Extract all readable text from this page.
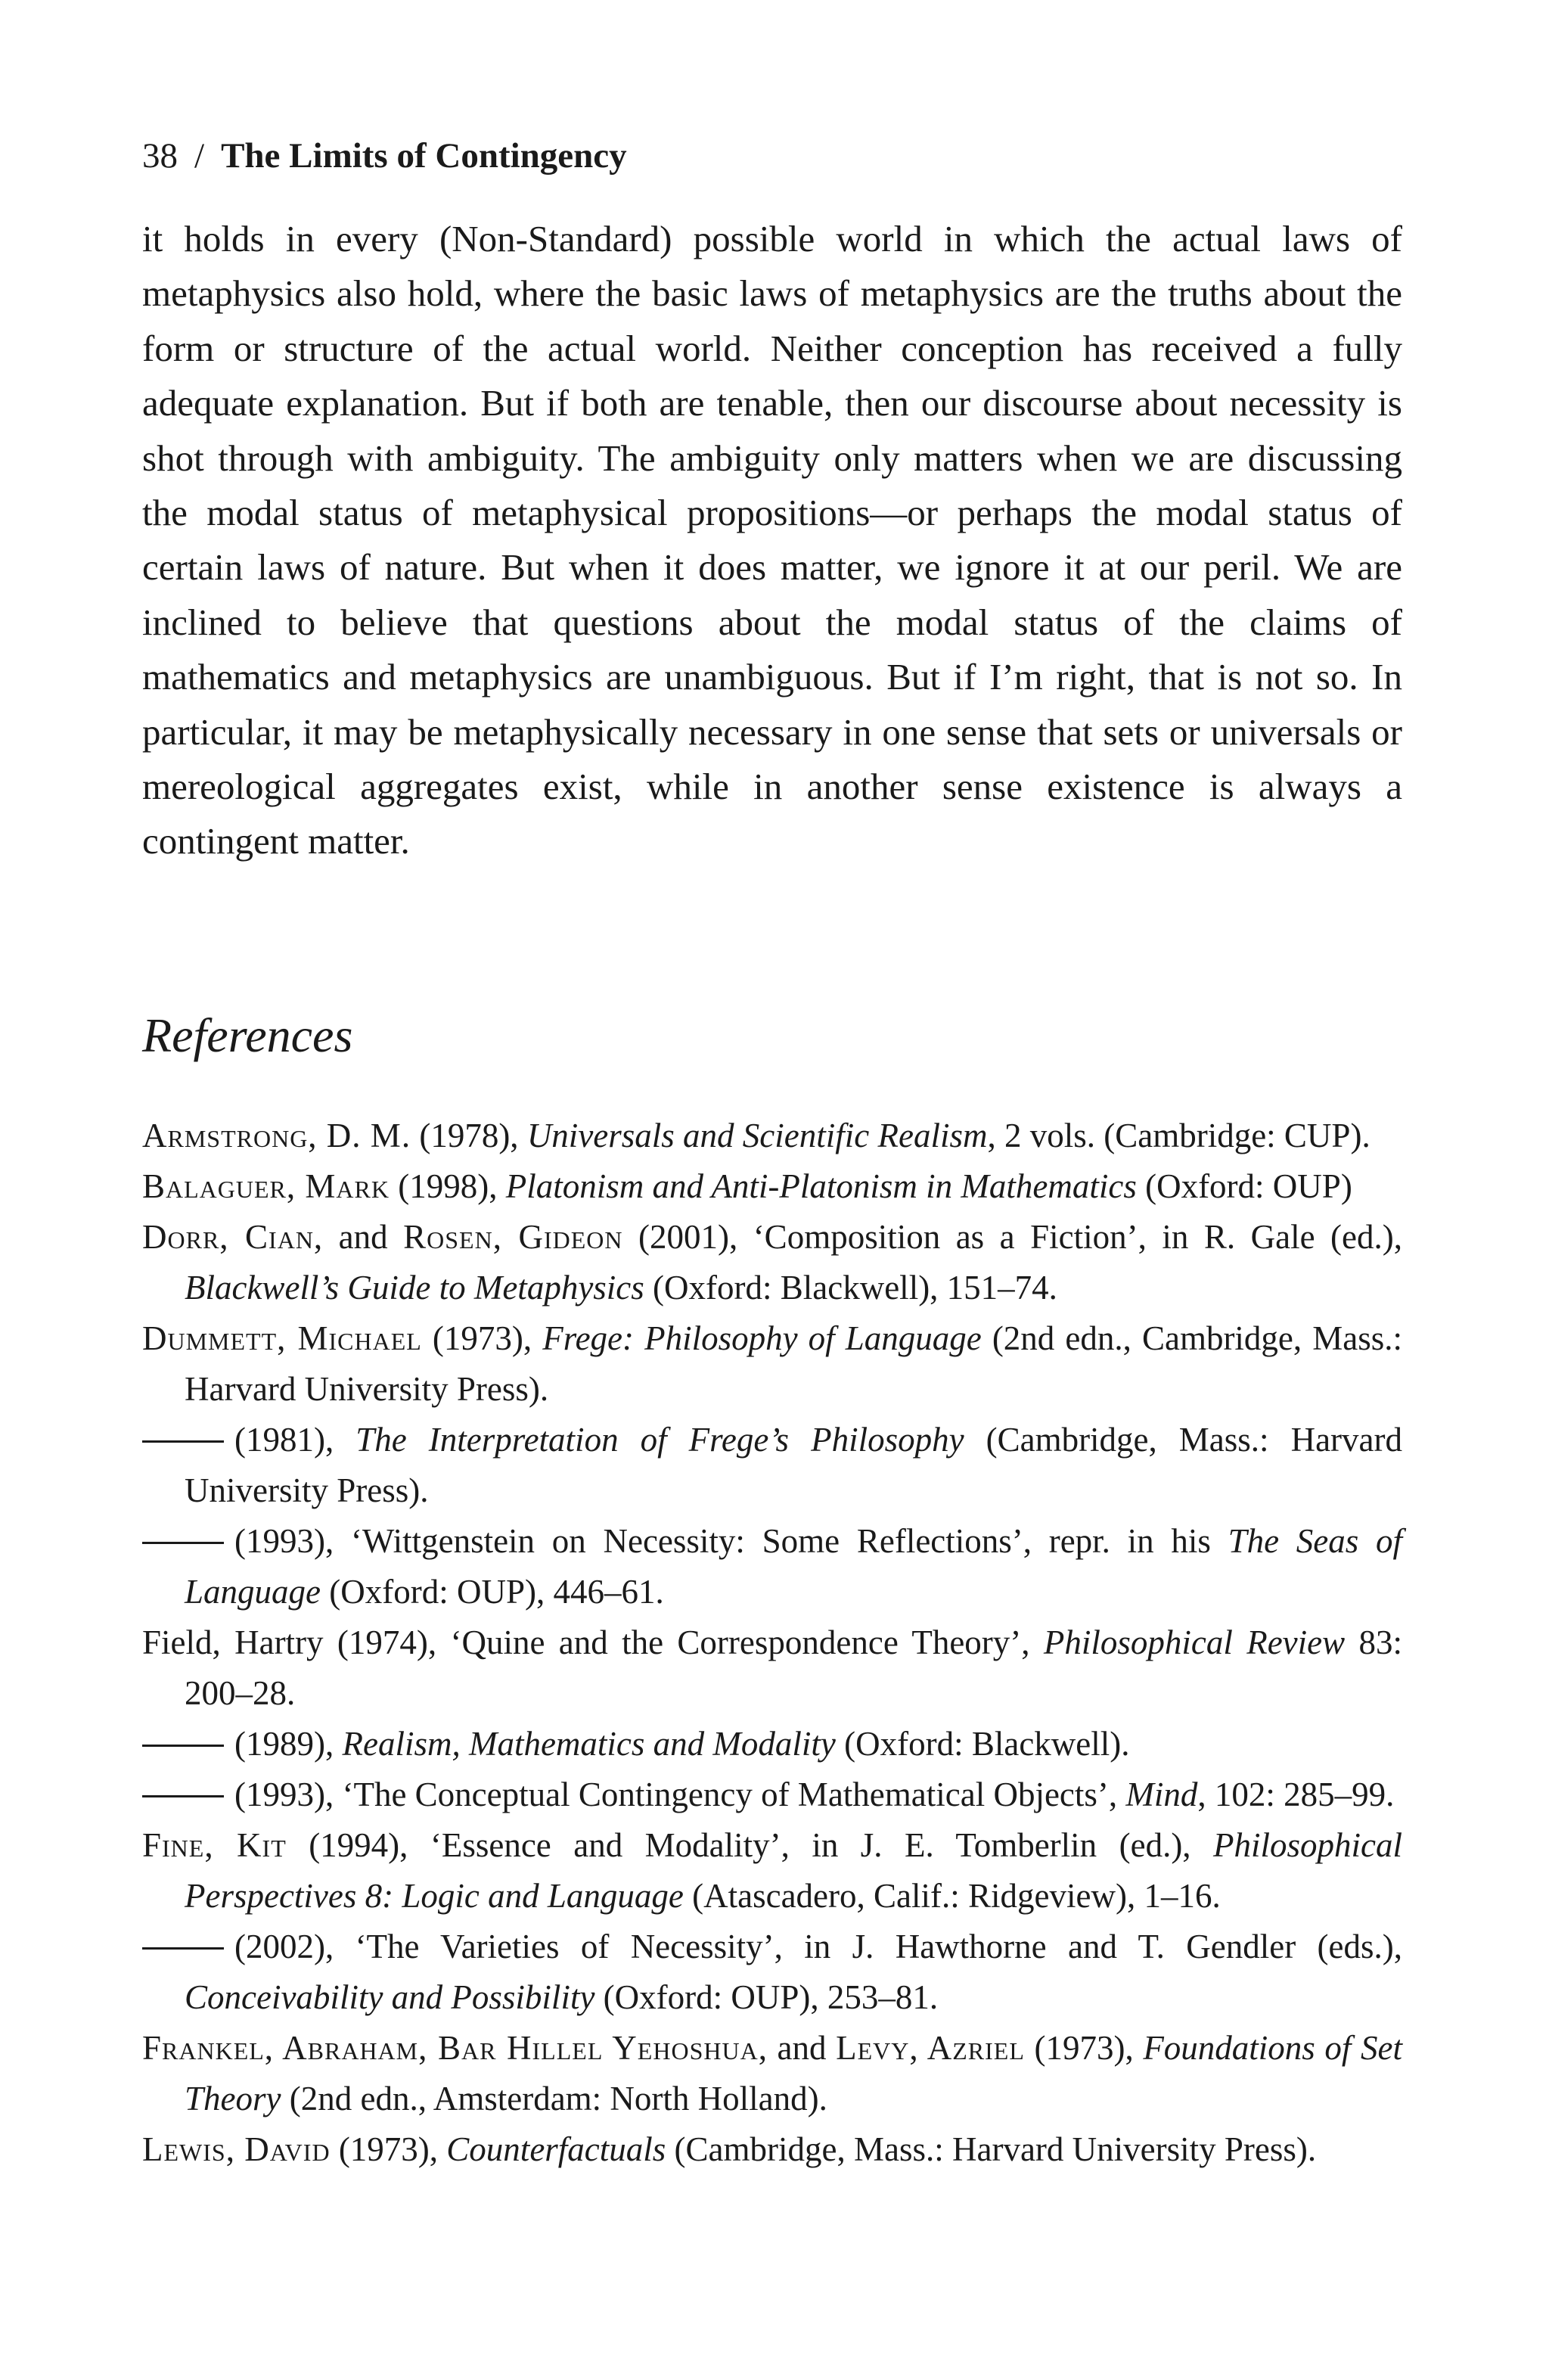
38 / The Limits of Contingency

it holds in every (Non-Standard) possible world in which the actual laws of metaphysics also hold, where the basic laws of metaphysics are the truths about the form or structure of the actual world. Neither conception has received a fully adequate explanation. But if both are tenable, then our discourse about necessity is shot through with ambiguity. The ambiguity only matters when we are discussing the modal status of metaphysical propositions—or perhaps the modal status of certain laws of nature. But when it does matter, we ignore it at our peril. We are inclined to believe that questions about the modal status of the claims of mathematics and metaphysics are unambiguous. But if I’m right, that is not so. In particular, it may be metaphysically necessary in one sense that sets or universals or mereological aggregates exist, while in another sense existence is always a contingent matter.

References
Armstrong, D. M. (1978), Universals and Scientific Realism, 2 vols. (Cambridge: CUP).
Balaguer, Mark (1998), Platonism and Anti-Platonism in Mathematics (Oxford: OUP)
Dorr, Cian, and Rosen, Gideon (2001), ‘Composition as a Fiction’, in R. Gale (ed.), Blackwell’s Guide to Metaphysics (Oxford: Blackwell), 151–74.
Dummett, Michael (1973), Frege: Philosophy of Language (2nd edn., Cambridge, Mass.: Harvard University Press).
(1981), The Interpretation of Frege’s Philosophy (Cambridge, Mass.: Harvard University Press).
(1993), ‘Wittgenstein on Necessity: Some Reflections’, repr. in his The Seas of Language (Oxford: OUP), 446–61.
Field, Hartry (1974), ‘Quine and the Correspondence Theory’, Philosophical Review 83: 200–28.
(1989), Realism, Mathematics and Modality (Oxford: Blackwell).
(1993), ‘The Conceptual Contingency of Mathematical Objects’, Mind, 102: 285–99.
Fine, Kit (1994), ‘Essence and Modality’, in J. E. Tomberlin (ed.), Philosophical Perspectives 8: Logic and Language (Atascadero, Calif.: Ridgeview), 1–16.
(2002), ‘The Varieties of Necessity’, in J. Hawthorne and T. Gendler (eds.), Conceivability and Possibility (Oxford: OUP), 253–81.
Frankel, Abraham, Bar Hillel Yehoshua, and Levy, Azriel (1973), Foundations of Set Theory (2nd edn., Amsterdam: North Holland).
Lewis, David (1973), Counterfactuals (Cambridge, Mass.: Harvard University Press).
